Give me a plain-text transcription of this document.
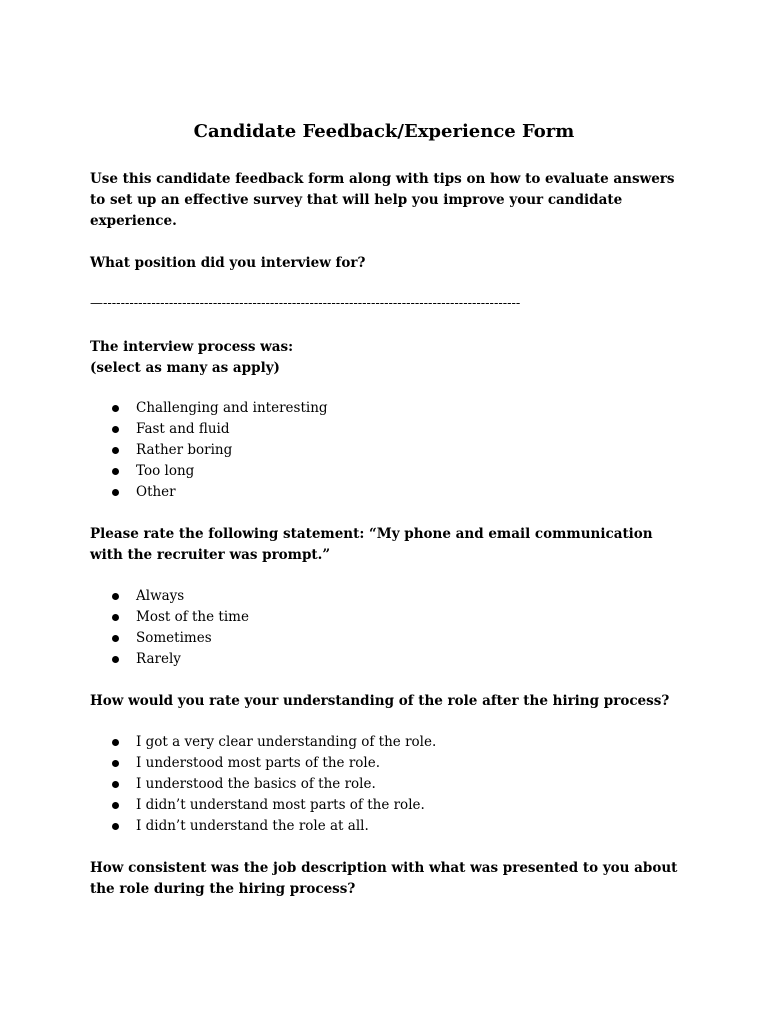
Candidate Feedback/Experience Form
Use this candidate feedback form along with tips on how to evaluate answers to set up an effective survey that will help you improve your candidate experience.
What position did you interview for?
—-----------------------------------------------------------------------------------------------
The interview process was:
(select as many as apply)
Challenging and interesting
Fast and fluid
Rather boring
Too long
Other
Please rate the following statement: “My phone and email communication with the recruiter was prompt.”
Always
Most of the time
Sometimes
Rarely
How would you rate your understanding of the role after the hiring process?
I got a very clear understanding of the role.
I understood most parts of the role.
I understood the basics of the role.
I didn’t understand most parts of the role.
I didn’t understand the role at all.
How consistent was the job description with what was presented to you about the role during the hiring process?
